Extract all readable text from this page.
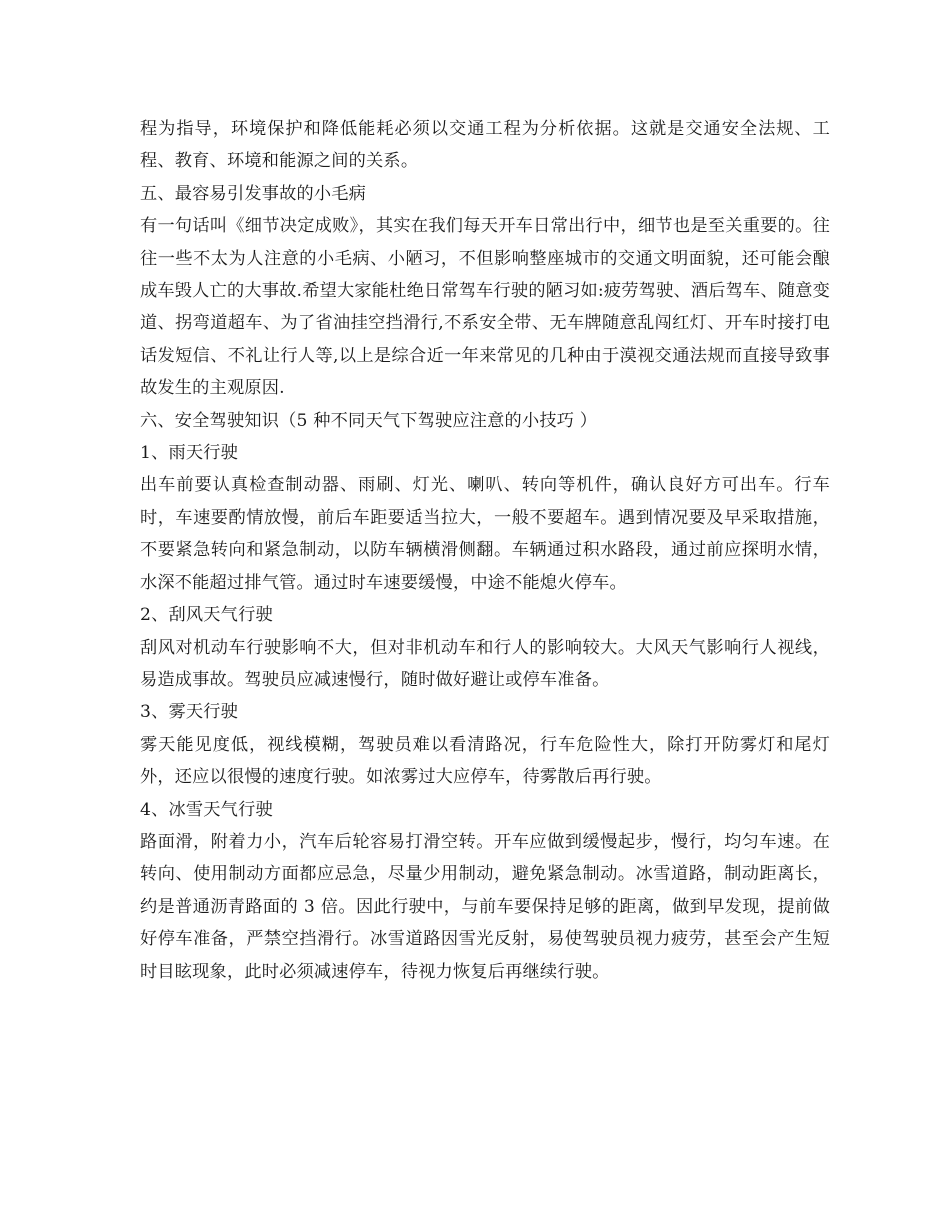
程为指导，环境保护和降低能耗必须以交通工程为分析依据。这就是交通安全法规、工程、教育、环境和能源之间的关系。

五、最容易引发事故的小毛病

有一句话叫《细节决定成败》，其实在我们每天开车日常出行中，细节也是至关重要的。往往一些不太为人注意的小毛病、小陋习，不但影响整座城市的交通文明面貌，还可能会酿成车毁人亡的大事故.希望大家能杜绝日常驾车行驶的陋习如:疲劳驾驶、酒后驾车、随意变道、拐弯道超车、为了省油挂空挡滑行,不系安全带、无车牌随意乱闯红灯、开车时接打电话发短信、不礼让行人等,以上是综合近一年来常见的几种由于漠视交通法规而直接导致事故发生的主观原因.

六、安全驾驶知识（5 种不同天气下驾驶应注意的小技巧 ）

1、雨天行驶

出车前要认真检查制动器、雨刷、灯光、喇叭、转向等机件，确认良好方可出车。行车时，车速要酌情放慢，前后车距要适当拉大，一般不要超车。遇到情况要及早采取措施，不要紧急转向和紧急制动，以防车辆横滑侧翻。车辆通过积水路段，通过前应探明水情，水深不能超过排气管。通过时车速要缓慢，中途不能熄火停车。

2、刮风天气行驶

刮风对机动车行驶影响不大，但对非机动车和行人的影响较大。大风天气影响行人视线，易造成事故。驾驶员应减速慢行，随时做好避让或停车准备。

3、雾天行驶

雾天能见度低，视线模糊，驾驶员难以看清路况，行车危险性大，除打开防雾灯和尾灯外，还应以很慢的速度行驶。如浓雾过大应停车，待雾散后再行驶。

4、冰雪天气行驶

路面滑，附着力小，汽车后轮容易打滑空转。开车应做到缓慢起步，慢行，均匀车速。在转向、使用制动方面都应忌急，尽量少用制动，避免紧急制动。冰雪道路，制动距离长，约是普通沥青路面的 3 倍。因此行驶中，与前车要保持足够的距离，做到早发现，提前做好停车准备，严禁空挡滑行。冰雪道路因雪光反射，易使驾驶员视力疲劳，甚至会产生短时目眩现象，此时必须减速停车，待视力恢复后再继续行驶。
